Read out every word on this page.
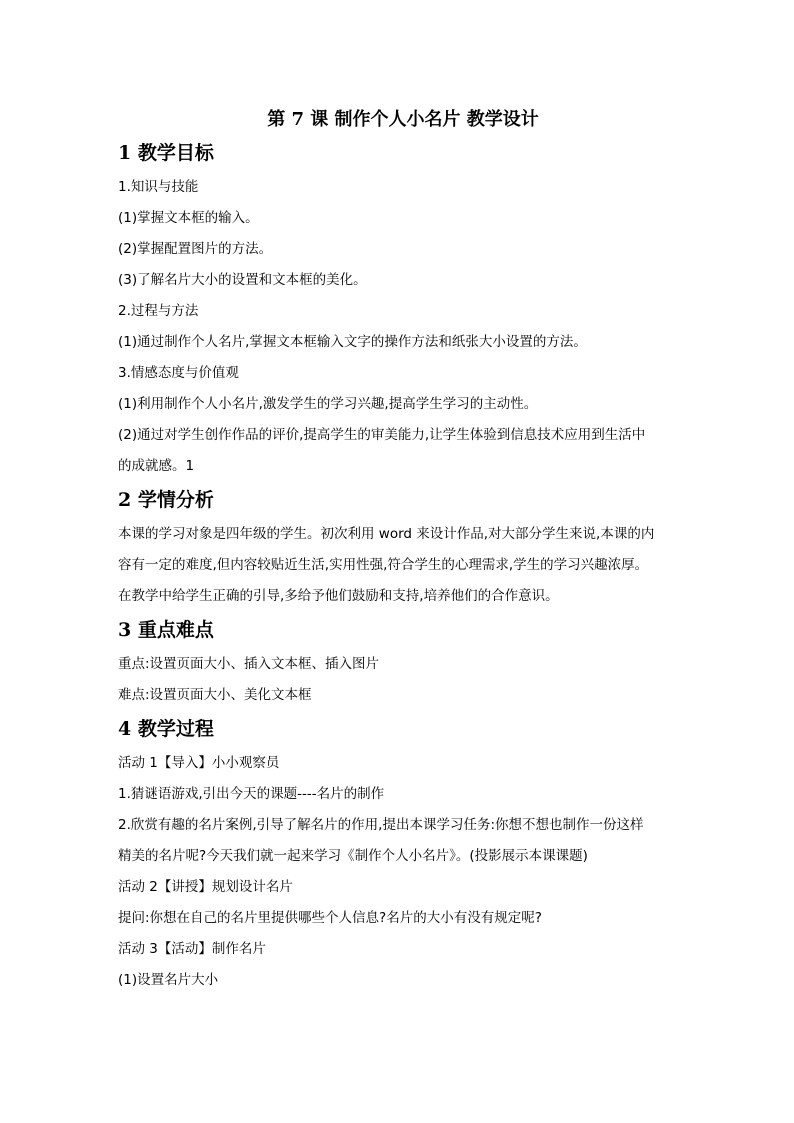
第 7 课 制作个人小名片 教学设计
1 教学目标

1.知识与技能

(1)掌握文本框的输入。

(2)掌握配置图片的方法。

(3)了解名片大小的设置和文本框的美化。

2.过程与方法

(1)通过制作个人名片,掌握文本框输入文字的操作方法和纸张大小设置的方法。

3.情感态度与价值观

(1)利用制作个人小名片,激发学生的学习兴趣,提高学生学习的主动性。

(2)通过对学生创作作品的评价,提高学生的审美能力,让学生体验到信息技术应用到生活中

的成就感。1

2 学情分析

本课的学习对象是四年级的学生。初次利用 word 来设计作品,对大部分学生来说,本课的内

容有一定的难度,但内容较贴近生活,实用性强,符合学生的心理需求,学生的学习兴趣浓厚。

在教学中给学生正确的引导,多给予他们鼓励和支持,培养他们的合作意识。

3 重点难点

重点:设置页面大小、插入文本框、插入图片

难点:设置页面大小、美化文本框

4 教学过程

活动 1【导入】小小观察员

1.猜谜语游戏,引出今天的课题----名片的制作

2.欣赏有趣的名片案例,引导了解名片的作用,提出本课学习任务:你想不想也制作一份这样

精美的名片呢?今天我们就一起来学习《制作个人小名片》。(投影展示本课课题)

活动 2【讲授】规划设计名片

提问:你想在自己的名片里提供哪些个人信息?名片的大小有没有规定呢?

活动 3【活动】制作名片

(1)设置名片大小
